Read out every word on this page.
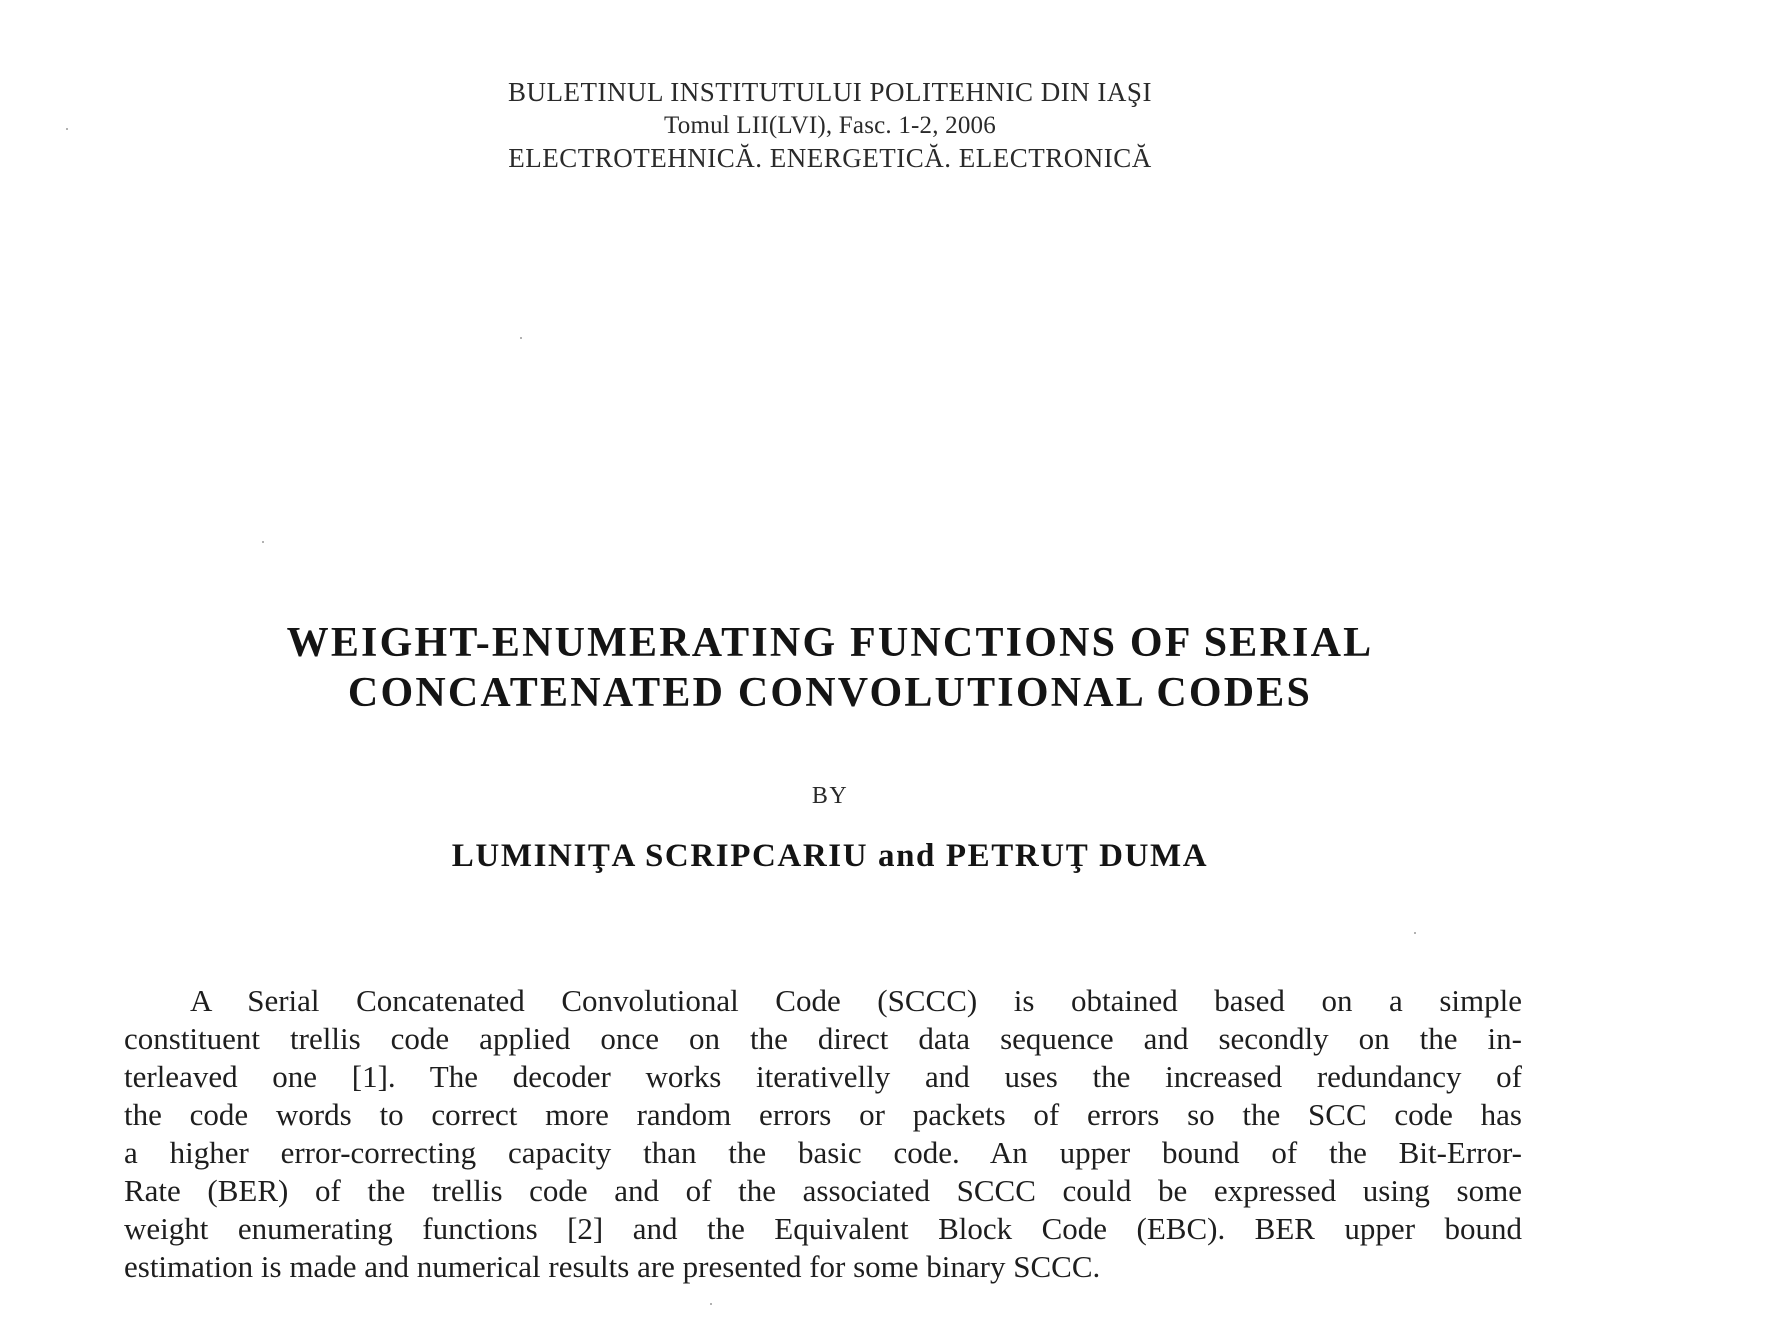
BULETINUL INSTITUTULUI POLITEHNIC DIN IAŞI
Tomul LII(LVI), Fasc. 1-2, 2006
ELECTROTEHNICĂ. ENERGETICĂ. ELECTRONICĂ
WEIGHT-ENUMERATING FUNCTIONS OF SERIAL
CONCATENATED CONVOLUTIONAL CODES
BY
LUMINIŢA SCRIPCARIU and PETRUŢ DUMA
A Serial Concatenated Convolutional Code (SCCC) is obtained based on a simple
constituent trellis code applied once on the direct data sequence and secondly on the in-
terleaved one [1]. The decoder works iterativelly and uses the increased redundancy of
the code words to correct more random errors or packets of errors so the SCC code has
a higher error-correcting capacity than the basic code. An upper bound of the Bit-Error-
Rate (BER) of the trellis code and of the associated SCCC could be expressed using some
weight enumerating functions [2] and the Equivalent Block Code (EBC). BER upper bound
estimation is made and numerical results are presented for some binary SCCC.
